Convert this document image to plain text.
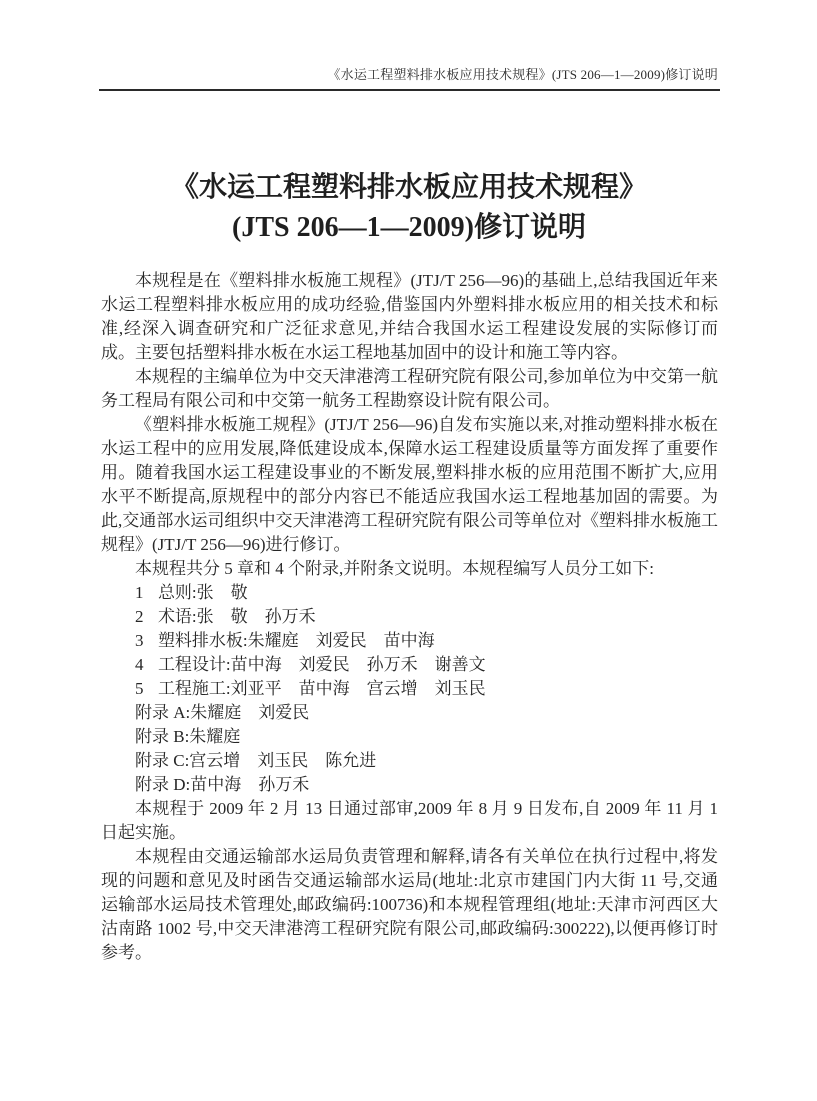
《水运工程塑料排水板应用技术规程》(JTS 206—1—2009)修订说明
《水运工程塑料排水板应用技术规程》
(JTS 206—1—2009)修订说明

本规程是在《塑料排水板施工规程》(JTJ/T 256—96)的基础上,总结我国近年来水运工程塑料排水板应用的成功经验,借鉴国内外塑料排水板应用的相关技术和标准,经深入调查研究和广泛征求意见,并结合我国水运工程建设发展的实际修订而成。主要包括塑料排水板在水运工程地基加固中的设计和施工等内容。

本规程的主编单位为中交天津港湾工程研究院有限公司,参加单位为中交第一航务工程局有限公司和中交第一航务工程勘察设计院有限公司。

《塑料排水板施工规程》(JTJ/T 256—96)自发布实施以来,对推动塑料排水板在水运工程中的应用发展,降低建设成本,保障水运工程建设质量等方面发挥了重要作用。随着我国水运工程建设事业的不断发展,塑料排水板的应用范围不断扩大,应用水平不断提高,原规程中的部分内容已不能适应我国水运工程地基加固的需要。为此,交通部水运司组织中交天津港湾工程研究院有限公司等单位对《塑料排水板施工规程》(JTJ/T 256—96)进行修订。

本规程共分 5 章和 4 个附录,并附条文说明。本规程编写人员分工如下:

1 总则:张　敬
2 术语:张　敬　孙万禾
3 塑料排水板:朱耀庭　刘爱民　苗中海
4 工程设计:苗中海　刘爱民　孙万禾　谢善文
5 工程施工:刘亚平　苗中海　宫云增　刘玉民
附录 A:朱耀庭　刘爱民
附录 B:朱耀庭
附录 C:宫云增　刘玉民　陈允进
附录 D:苗中海　孙万禾

本规程于 2009 年 2 月 13 日通过部审,2009 年 8 月 9 日发布,自 2009 年 11 月 1 日起实施。

本规程由交通运输部水运局负责管理和解释,请各有关单位在执行过程中,将发现的问题和意见及时函告交通运输部水运局(地址:北京市建国门内大街 11 号,交通运输部水运局技术管理处,邮政编码:100736)和本规程管理组(地址:天津市河西区大沽南路 1002 号,中交天津港湾工程研究院有限公司,邮政编码:300222),以便再修订时参考。
